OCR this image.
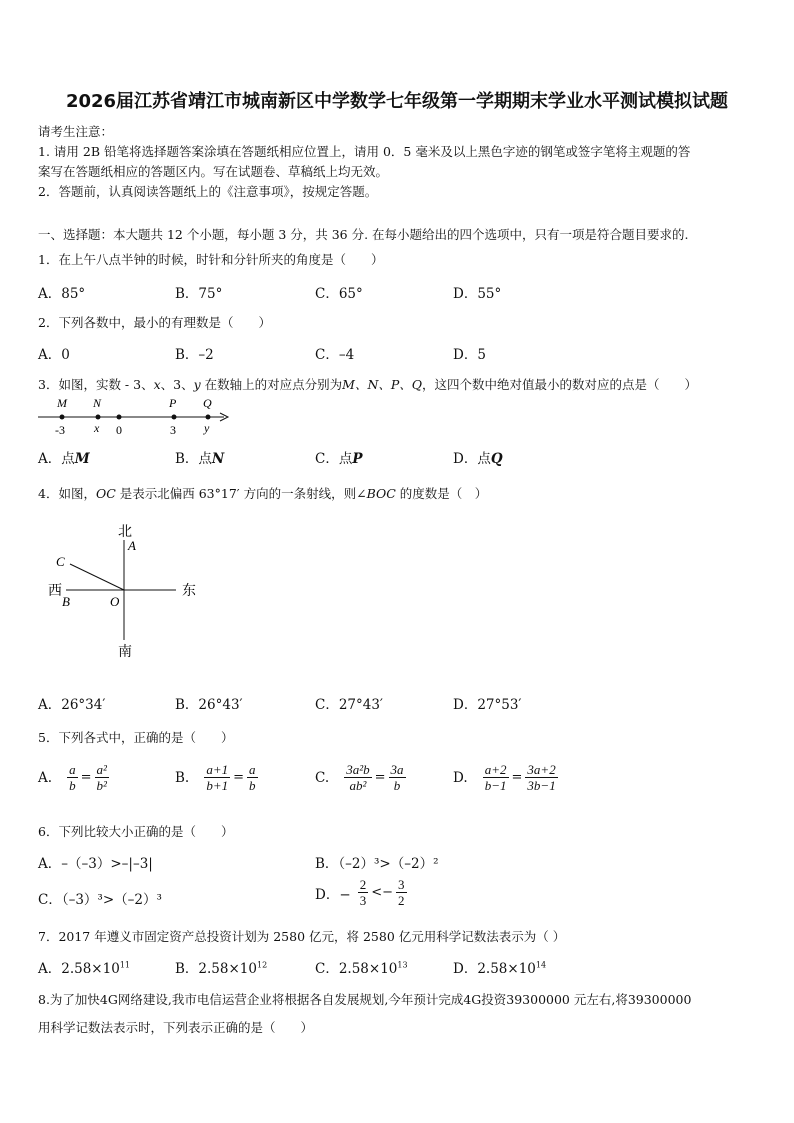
2026届江苏省靖江市城南新区中学数学七年级第一学期期末学业水平测试模拟试题
请考生注意：
1. 请用 2B 铅笔将选择题答案涂填在答题纸相应位置上，请用 0．5 毫米及以上黑色字迹的钢笔或签字笔将主观题的答
案写在答题纸相应的答题区内。写在试题卷、草稿纸上均无效。
2．答题前，认真阅读答题纸上的《注意事项》，按规定答题。
一、选择题：本大题共 12 个小题，每小题 3 分，共 36 分. 在每小题给出的四个选项中，只有一项是符合题目要求的.
1．在上午八点半钟的时候，时针和分针所夹的角度是（　　）
A．85°	B．75°	C．65°	D．55°
2．下列各数中，最小的有理数是（　　）
A．0	B．–2	C．–4	D．5
3．如图，实数 - 3、x、3、y 在数轴上的对应点分别为M、N、P、Q，这四个数中绝对值最小的数对应的点是（　　）
M N	P Q
-3 x 0	3 y
A．点M	B．点N	C．点P	D．点Q
4．如图，OC 是表示北偏西 63°17′ 方向的一条射线，则∠BOC 的度数是（　）
北
A
C
西
B	O
东
南
A．26°34′	B．26°43′	C．27°43′	D．27°53′
5．下列各式中，正确的是（　　）
A. $\frac{a}{b} = \frac{\text{a²}}{\text{b²}}$	B. $\frac{a+1}{b+1} = \frac{a}{b}$	C. $\frac{\text{3a²b}}{\text{ab²}} = \frac{3a}{b}$	D. $\frac{a+2}{b-1} = \frac{3a+2}{3b-1}$
6．下列比较大小正确的是（　　）
A．–（–3）>–|–3|	B．（–2）³>（–2）²
C．（–3）³>（–2）³	D．− $\frac{2}{3} <- \frac{3}{2}$
7．2017 年遵义市固定资产总投资计划为 2580 亿元，将 2580 亿元用科学记数法表示为（ ）
A．$2.58\times 10^{11}$	B．$2.58\times 10^{12}$	C．$2.58\times 10^{13}$	D．$2.58\times 10^{14}$
8.为了加快4G网络建设,我市电信运营企业将根据各自发展规划,今年预计完成4G投资39300000 元左右,将39300000
用科学记数法表示时，下列表示正确的是（　　）
